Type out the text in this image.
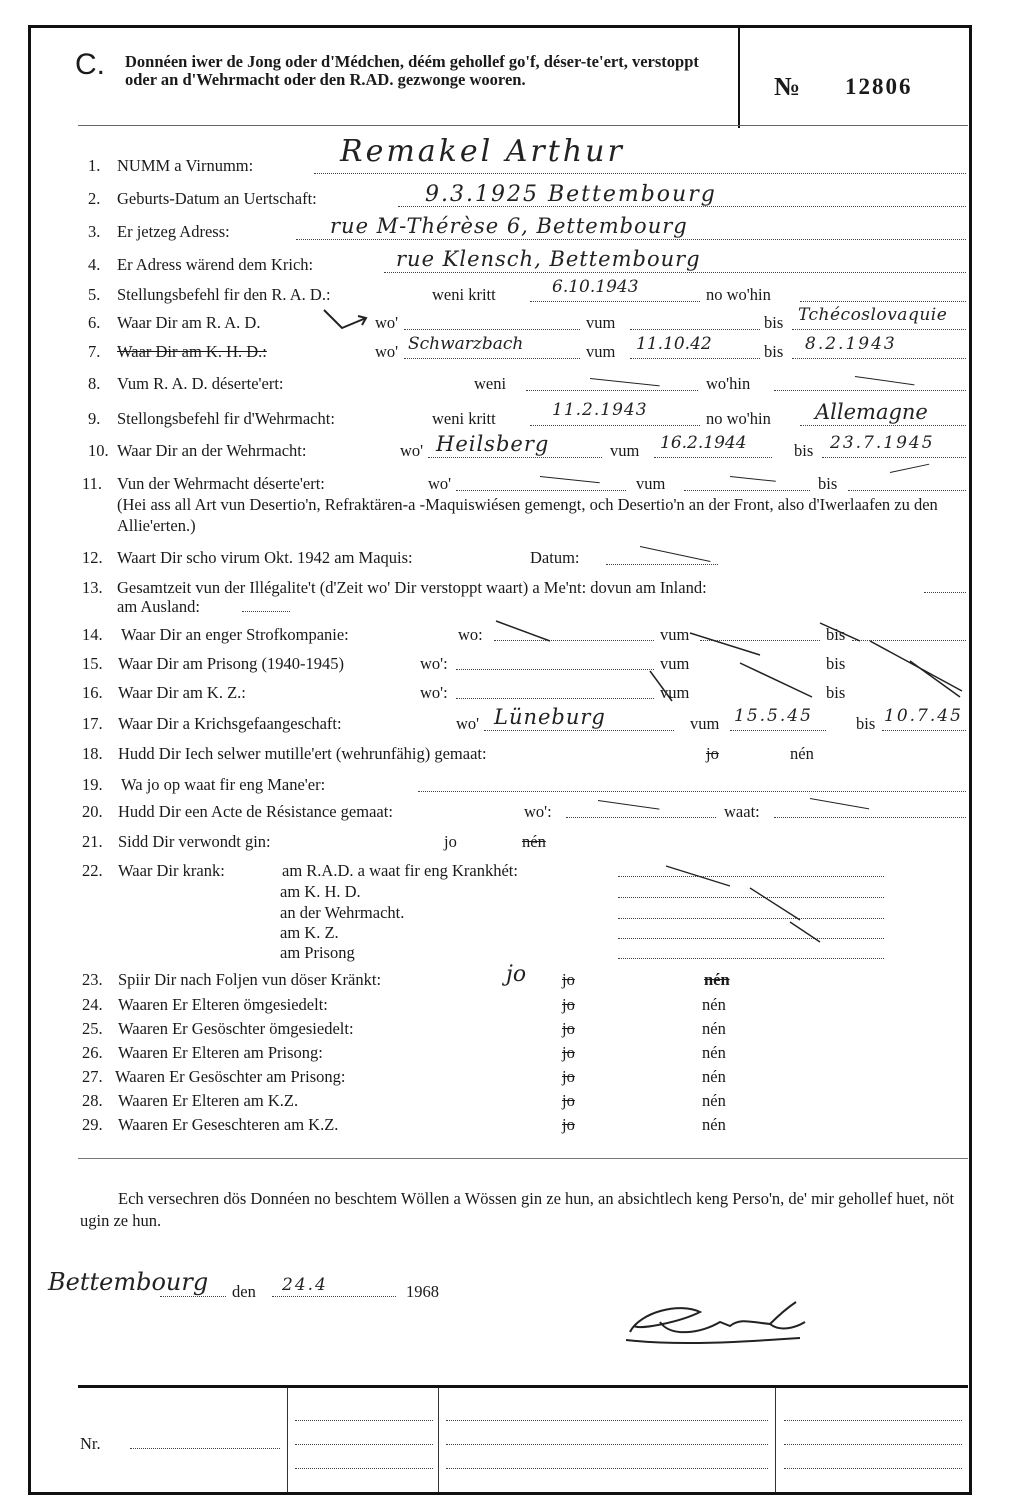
C. Donnéen iwer de Jong oder d'Médchen, déém gehollef go'f, déser-te'ert, verstoppt oder an d'Wehrmacht oder den R.AD. gezwonge wooren.	№ 12806
1. NUMM a Virnumm:	Remakel Arthur
2. Geburts-Datum an Uertschaft:	9.3.1925 Bettembourg
3. Er jetzeg Adress:	rue M-Thérèse 6, Bettembourg
4. Er Adress wärend dem Krich:	rue Klensch, Bettembourg
5. Stellungsbefehl fir den R. A. D.:	weni kritt	6.10.1943	no wo'hin
6. Waar Dir am R. A. D.	wo'	vum	bis Tchécoslovaquie
7. Waar Dir am K. H. D.:	wo' Schwarzbach	vum 11.10.42	bis 8.2.1943
8. Vum R. A. D. déserte'ert:	weni	wo'hin
9. Stellongsbefehl fir d'Wehrmacht:	weni kritt	11.2.1943	no wo'hin Allemagne
10. Waar Dir an der Wehrmacht:	wo' Heilsberg	vum 16.2.1944	bis 23.7.1945
11. Vun der Wehrmacht déserte'ert:	wo'	vum	bis
(Hei ass all Art vun Desertio'n, Refraktären-a -Maquiswiésen gemengt, och Desertio'n an der Front, also d'Iwerlaafen zu den Allie'erten.)
12. Waart Dir scho virum Okt. 1942 am Maquis:	Datum:
13. Gesamtzeit vun der Illégalite't (d'Zeit wo' Dir verstoppt waart) a Me'nt: dovun am Inland:
am Ausland:
14. Waar Dir an enger Strofkompanie:	wo:	vum	bis
15. Waar Dir am Prisong (1940-1945)	wo':	vum	bis
16. Waar Dir am K. Z.:	wo':	vum	bis
17. Waar Dir a Krichsgefaangeschaft:	wo' Lüneburg	vum 15.5.45	bis 10.7.45
18. Hudd Dir Iech selwer mutille'ert (wehrunfähig) gemaat:	jo	nén
19. Wa jo op waat fir eng Mane'er:
20. Hudd Dir een Acte de Résistance gemaat:	wo':	waat:
21. Sidd Dir verwondt gin:	jo	nén
22. Waar Dir krank:	am R.A.D. a waat fir eng Krankhét:
am K. H. D.
an der Wehrmacht.
am K. Z.
am Prisong
23. Spiir Dir nach Foljen vun döser Kränkt:	jo jo	nén
24. Waaren Er Elteren ömgesiedelt:	jo	nén
25. Waaren Er Gesöschter ömgesiedelt:	jo	nén
26. Waaren Er Elteren am Prisong:	jo	nén
27. Waaren Er Gesöschter am Prisong:	jo	nén
28. Waaren Er Elteren am K.Z.	jo	nén
29. Waaren Er Geseschteren am K.Z.	jo	nén
Ech versechren dös Donnéen no beschtem Wöllen a Wössen gin ze hun, an absichtlech keng Perso'n, de' mir gehollef huet, nöt ugin ze hun.
Bettembourg den 24.4	1968
Nr.
